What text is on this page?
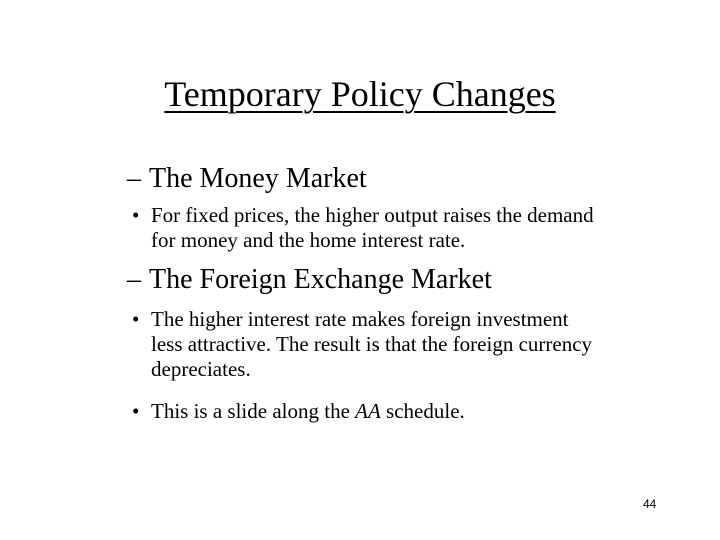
Temporary Policy Changes
– The Money Market
• For fixed prices, the higher output raises the demand
for money and the home interest rate.
– The Foreign Exchange Market
• The higher interest rate makes foreign investment
less attractive. The result is that the foreign currency
depreciates.
• This is a slide along the AA schedule.
44
